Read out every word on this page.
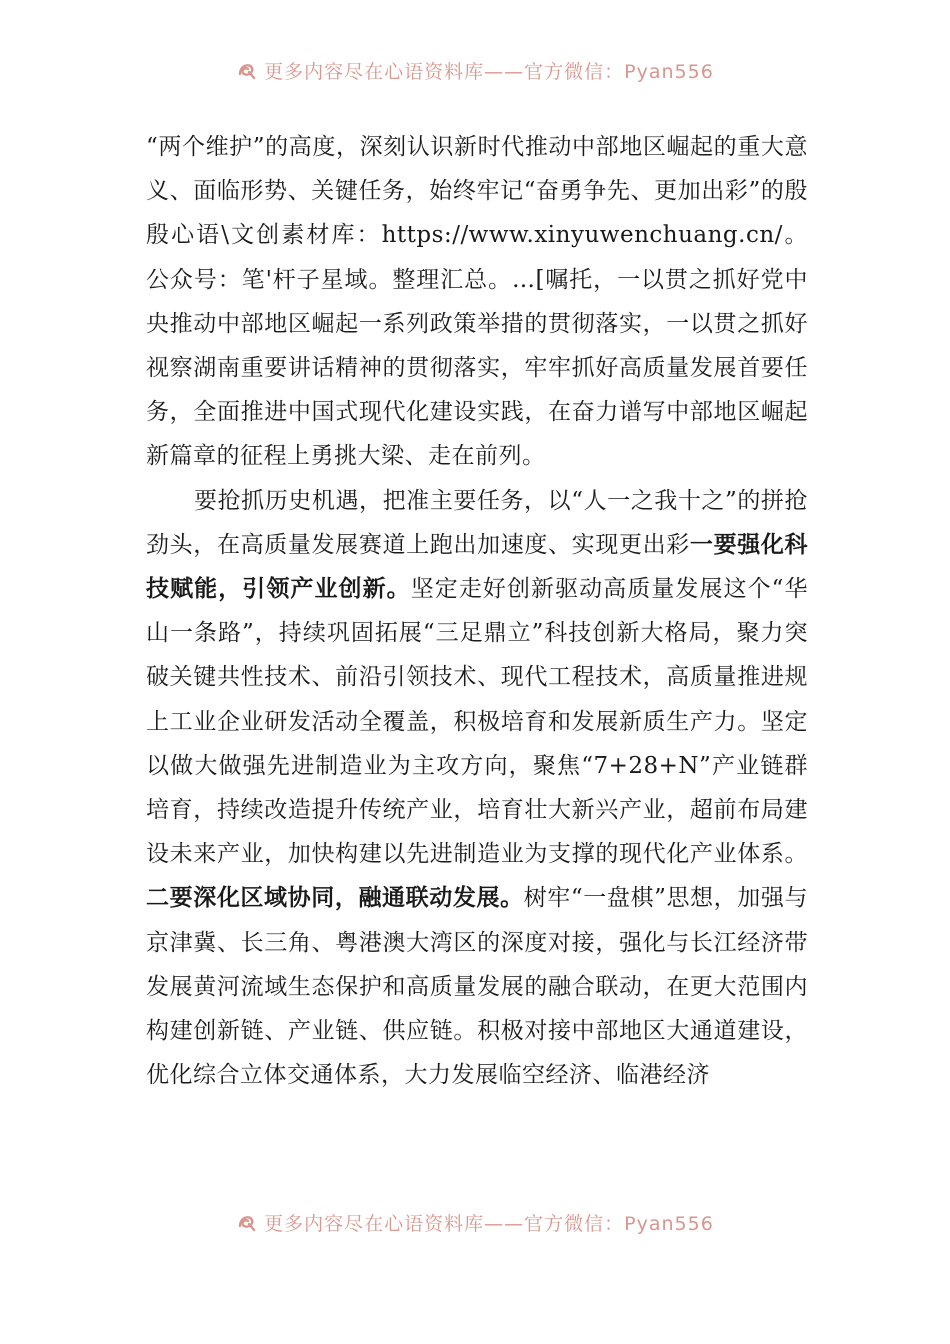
更多内容尽在心语资料库——官方微信：Pyan556

“两个维护”的高度，深刻认识新时代推动中部地区崛起的重大意义、面临形势、关键任务，始终牢记“奋勇争先、更加出彩”的殷殷心语\文创素材库：https://www.xinyuwenchuang.cn/。公众号：笔'杆子星域。整理汇总。…[嘱托，一以贯之抓好党中央推动中部地区崛起一系列政策举措的贯彻落实，一以贯之抓好视察湖南重要讲话精神的贯彻落实，牢牢抓好高质量发展首要任务，全面推进中国式现代化建设实践，在奋力谱写中部地区崛起新篇章的征程上勇挑大梁、走在前列。

要抢抓历史机遇，把准主要任务，以“人一之我十之”的拼抢劲头，在高质量发展赛道上跑出加速度、实现更出彩一要强化科技赋能，引领产业创新。坚定走好创新驱动高质量发展这个“华山一条路”，持续巩固拓展“三足鼎立”科技创新大格局，聚力突破关键共性技术、前沿引领技术、现代工程技术，高质量推进规上工业企业研发活动全覆盖，积极培育和发展新质生产力。坚定以做大做强先进制造业为主攻方向，聚焦“7+28+N”产业链群培育，持续改造提升传统产业，培育壮大新兴产业，超前布局建设未来产业，加快构建以先进制造业为支撑的现代化产业体系。二要深化区域协同，融通联动发展。树牢“一盘棋”思想，加强与京津冀、长三角、粤港澳大湾区的深度对接，强化与长江经济带发展黄河流域生态保护和高质量发展的融合联动，在更大范围内构建创新链、产业链、供应链。积极对接中部地区大通道建设，优化综合立体交通体系，大力发展临空经济、临港经济

更多内容尽在心语资料库——官方微信：Pyan556
